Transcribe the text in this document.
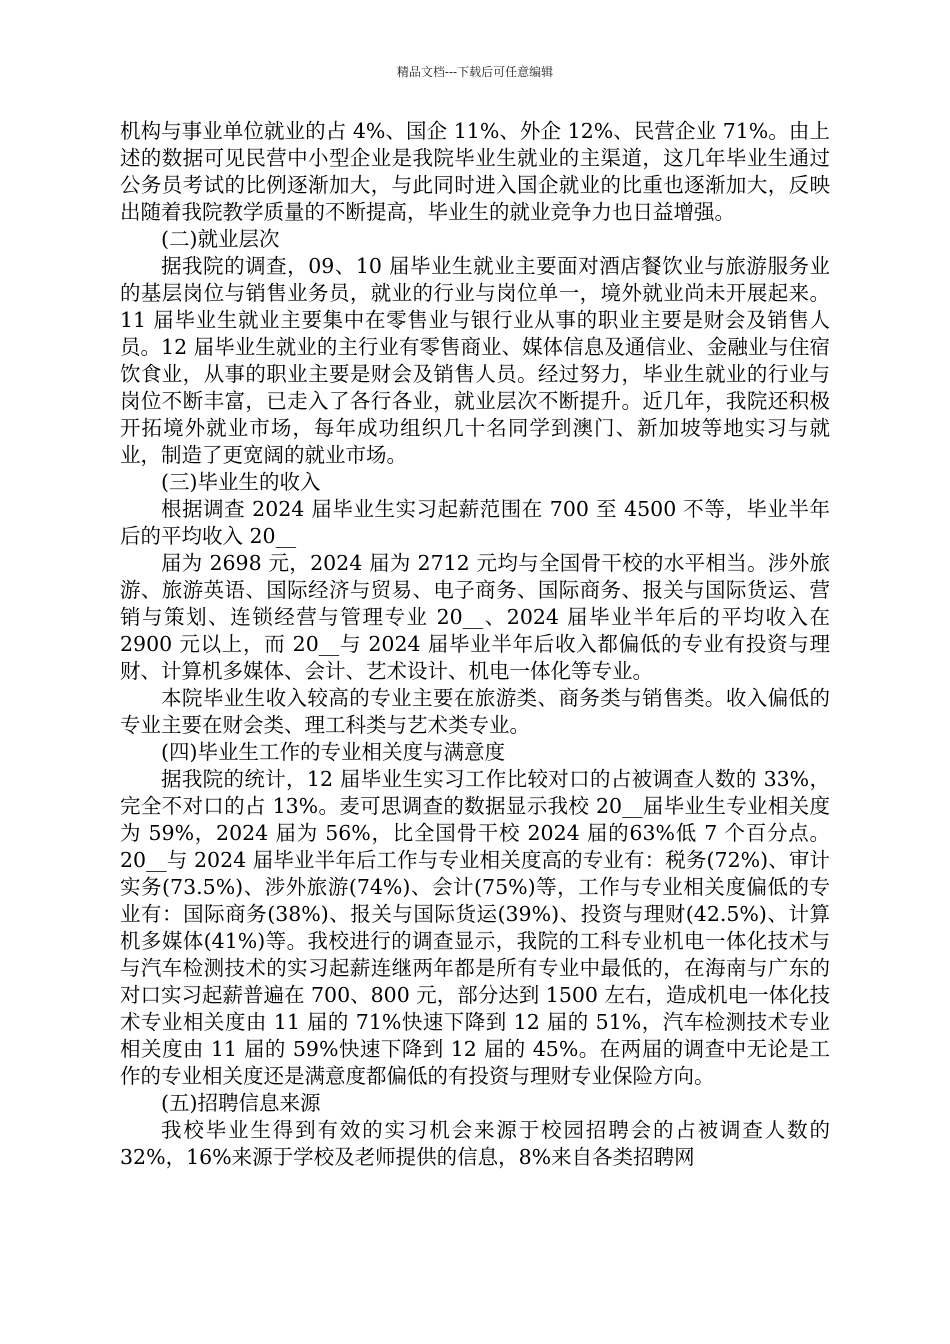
精品文档---下载后可任意编辑

机构与事业单位就业的占 4%、国企 11%、外企 12%、民营企业 71%。由上述的数据可见民营中小型企业是我院毕业生就业的主渠道，这几年毕业生通过公务员考试的比例逐渐加大，与此同时进入国企就业的比重也逐渐加大，反映出随着我院教学质量的不断提高，毕业生的就业竞争力也日益增强。

(二)就业层次

据我院的调查，09、10 届毕业生就业主要面对酒店餐饮业与旅游服务业的基层岗位与销售业务员，就业的行业与岗位单一，境外就业尚未开展起来。11 届毕业生就业主要集中在零售业与银行业从事的职业主要是财会及销售人员。12 届毕业生就业的主行业有零售商业、媒体信息及通信业、金融业与住宿饮食业，从事的职业主要是财会及销售人员。经过努力，毕业生就业的行业与岗位不断丰富，已走入了各行各业，就业层次不断提升。近几年，我院还积极开拓境外就业市场，每年成功组织几十名同学到澳门、新加坡等地实习与就业，制造了更宽阔的就业市场。

(三)毕业生的收入

根据调查 2024 届毕业生实习起薪范围在 700 至 4500 不等，毕业半年后的平均收入 20__

届为 2698 元，2024 届为 2712 元均与全国骨干校的水平相当。涉外旅游、旅游英语、国际经济与贸易、电子商务、国际商务、报关与国际货运、营销与策划、连锁经营与管理专业 20__、2024 届毕业半年后的平均收入在 2900 元以上，而 20__与 2024 届毕业半年后收入都偏低的专业有投资与理财、计算机多媒体、会计、艺术设计、机电一体化等专业。

本院毕业生收入较高的专业主要在旅游类、商务类与销售类。收入偏低的专业主要在财会类、理工科类与艺术类专业。

(四)毕业生工作的专业相关度与满意度

据我院的统计，12 届毕业生实习工作比较对口的占被调查人数的 33%，完全不对口的占 13%。麦可思调查的数据显示我校 20__届毕业生专业相关度为 59%，2024 届为 56%，比全国骨干校 2024 届的63%低 7 个百分点。20__与 2024 届毕业半年后工作与专业相关度高的专业有：税务(72%)、审计实务(73.5%)、涉外旅游(74%)、会计(75%)等，工作与专业相关度偏低的专业有：国际商务(38%)、报关与国际货运(39%)、投资与理财(42.5%)、计算机多媒体(41%)等。我校进行的调查显示，我院的工科专业机电一体化技术与与汽车检测技术的实习起薪连继两年都是所有专业中最低的，在海南与广东的对口实习起薪普遍在 700、800 元，部分达到 1500 左右，造成机电一体化技术专业相关度由 11 届的 71%快速下降到 12 届的 51%，汽车检测技术专业相关度由 11 届的 59%快速下降到 12 届的 45%。在两届的调查中无论是工作的专业相关度还是满意度都偏低的有投资与理财专业保险方向。

(五)招聘信息来源

我校毕业生得到有效的实习机会来源于校园招聘会的占被调查人数的 32%，16%来源于学校及老师提供的信息，8%来自各类招聘网
